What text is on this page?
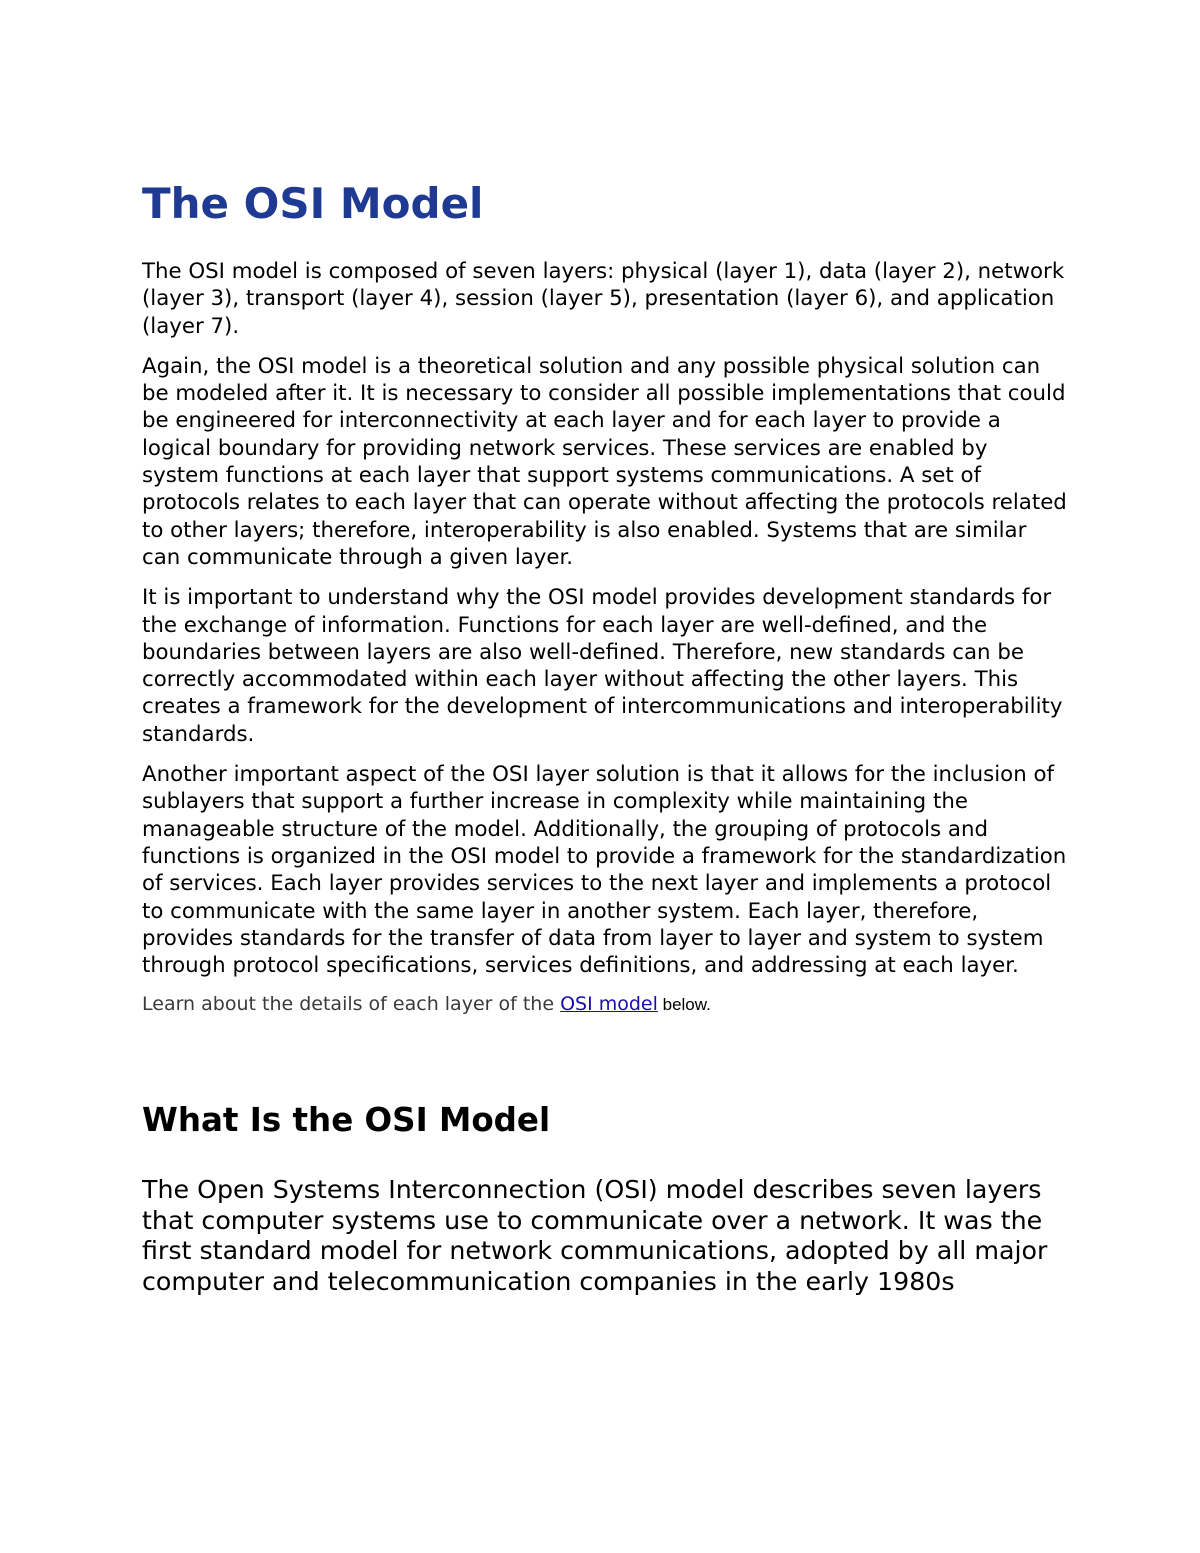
The OSI Model

The OSI model is composed of seven layers: physical (layer 1), data (layer 2), network (layer 3), transport (layer 4), session (layer 5), presentation (layer 6), and application (layer 7).

Again, the OSI model is a theoretical solution and any possible physical solution can be modeled after it. It is necessary to consider all possible implementations that could be engineered for interconnectivity at each layer and for each layer to provide a logical boundary for providing network services. These services are enabled by system functions at each layer that support systems communications. A set of protocols relates to each layer that can operate without affecting the protocols related to other layers; therefore, interoperability is also enabled. Systems that are similar can communicate through a given layer.

It is important to understand why the OSI model provides development standards for the exchange of information. Functions for each layer are well-defined, and the boundaries between layers are also well-defined. Therefore, new standards can be correctly accommodated within each layer without affecting the other layers. This creates a framework for the development of intercommunications and interoperability standards.

Another important aspect of the OSI layer solution is that it allows for the inclusion of sublayers that support a further increase in complexity while maintaining the manageable structure of the model. Additionally, the grouping of protocols and functions is organized in the OSI model to provide a framework for the standardization of services. Each layer provides services to the next layer and implements a protocol to communicate with the same layer in another system. Each layer, therefore, provides standards for the transfer of data from layer to layer and system to system through protocol specifications, services definitions, and addressing at each layer.

Learn about the details of each layer of the OSI model below.

What Is the OSI Model

The Open Systems Interconnection (OSI) model describes seven layers that computer systems use to communicate over a network. It was the first standard model for network communications, adopted by all major computer and telecommunication companies in the early 1980s
